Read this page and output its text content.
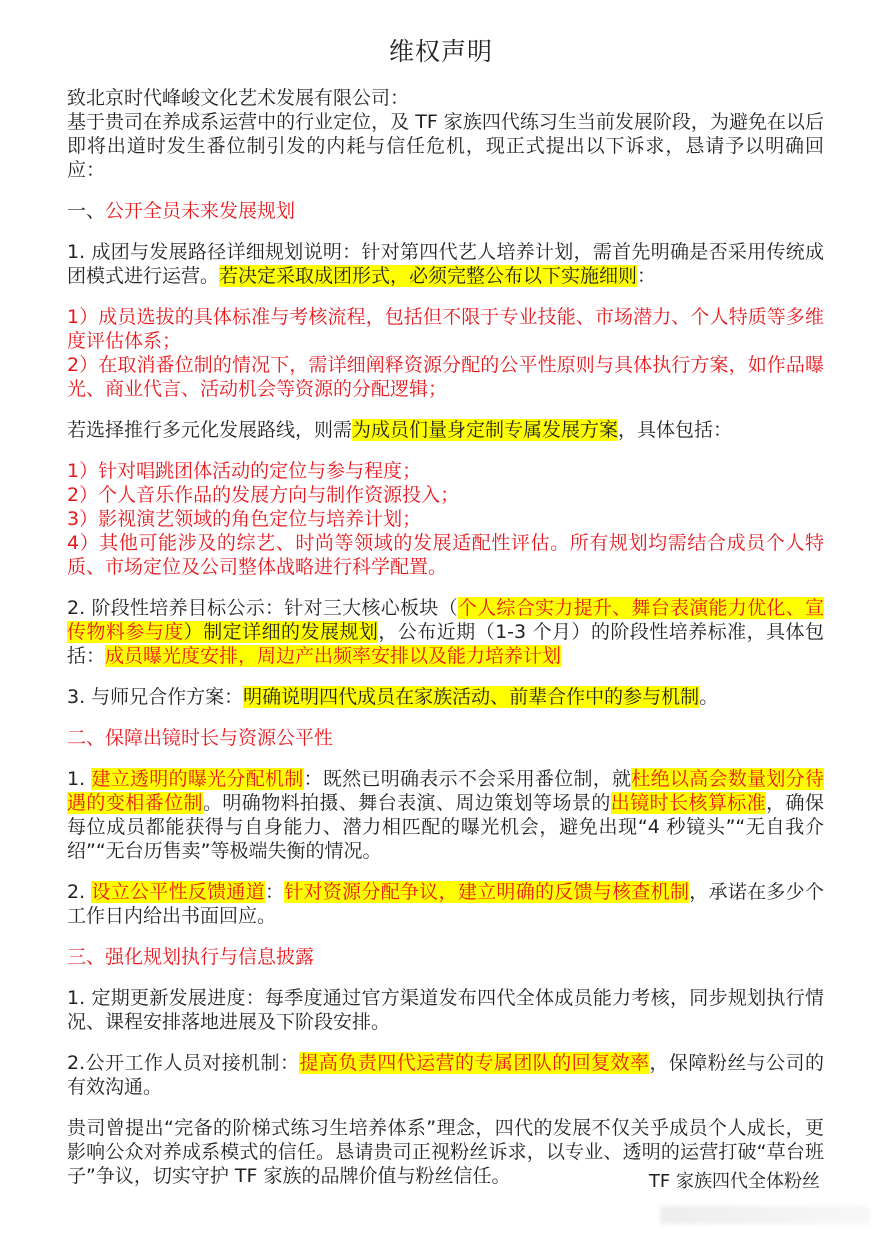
维权声明

致北京时代峰峻文化艺术发展有限公司：

基于贵司在养成系运营中的行业定位，及 TF 家族四代练习生当前发展阶段，为避免在以后即将出道时发生番位制引发的内耗与信任危机，现正式提出以下诉求，恳请予以明确回应：

一、公开全员未来发展规划

1. 成团与发展路径详细规划说明：针对第四代艺人培养计划，需首先明确是否采用传统成团模式进行运营。若决定采取成团形式，必须完整公布以下实施细则：

1）成员选拔的具体标准与考核流程，包括但不限于专业技能、市场潜力、个人特质等多维度评估体系；

2）在取消番位制的情况下，需详细阐释资源分配的公平性原则与具体执行方案，如作品曝光、商业代言、活动机会等资源的分配逻辑；

若选择推行多元化发展路线，则需为成员们量身定制专属发展方案，具体包括：

1）针对唱跳团体活动的定位与参与程度；

2）个人音乐作品的发展方向与制作资源投入；

3）影视演艺领域的角色定位与培养计划；

4）其他可能涉及的综艺、时尚等领域的发展适配性评估。所有规划均需结合成员个人特质、市场定位及公司整体战略进行科学配置。

2. 阶段性培养目标公示：针对三大核心板块（个人综合实力提升、舞台表演能力优化、宣传物料参与度）制定详细的发展规划，公布近期（1-3 个月）的阶段性培养标准，具体包括：成员曝光度安排，周边产出频率安排以及能力培养计划

3. 与师兄合作方案：明确说明四代成员在家族活动、前辈合作中的参与机制。

二、保障出镜时长与资源公平性

1. 建立透明的曝光分配机制：既然已明确表示不会采用番位制，就杜绝以高会数量划分待遇的变相番位制。明确物料拍摄、舞台表演、周边策划等场景的出镜时长核算标准，确保每位成员都能获得与自身能力、潜力相匹配的曝光机会，避免出现“4 秒镜头”“无自我介绍”“无台历售卖”等极端失衡的情况。

2. 设立公平性反馈通道：针对资源分配争议，建立明确的反馈与核查机制，承诺在多少个工作日内给出书面回应。

三、强化规划执行与信息披露

1. 定期更新发展进度：每季度通过官方渠道发布四代全体成员能力考核，同步规划执行情况、课程安排落地进展及下阶段安排。

2.公开工作人员对接机制：提高负责四代运营的专属团队的回复效率，保障粉丝与公司的有效沟通。

贵司曾提出“完备的阶梯式练习生培养体系”理念，四代的发展不仅关乎成员个人成长，更影响公众对养成系模式的信任。恳请贵司正视粉丝诉求，以专业、透明的运营打破“草台班子”争议，切实守护 TF 家族的品牌价值与粉丝信任。	TF 家族四代全体粉丝
